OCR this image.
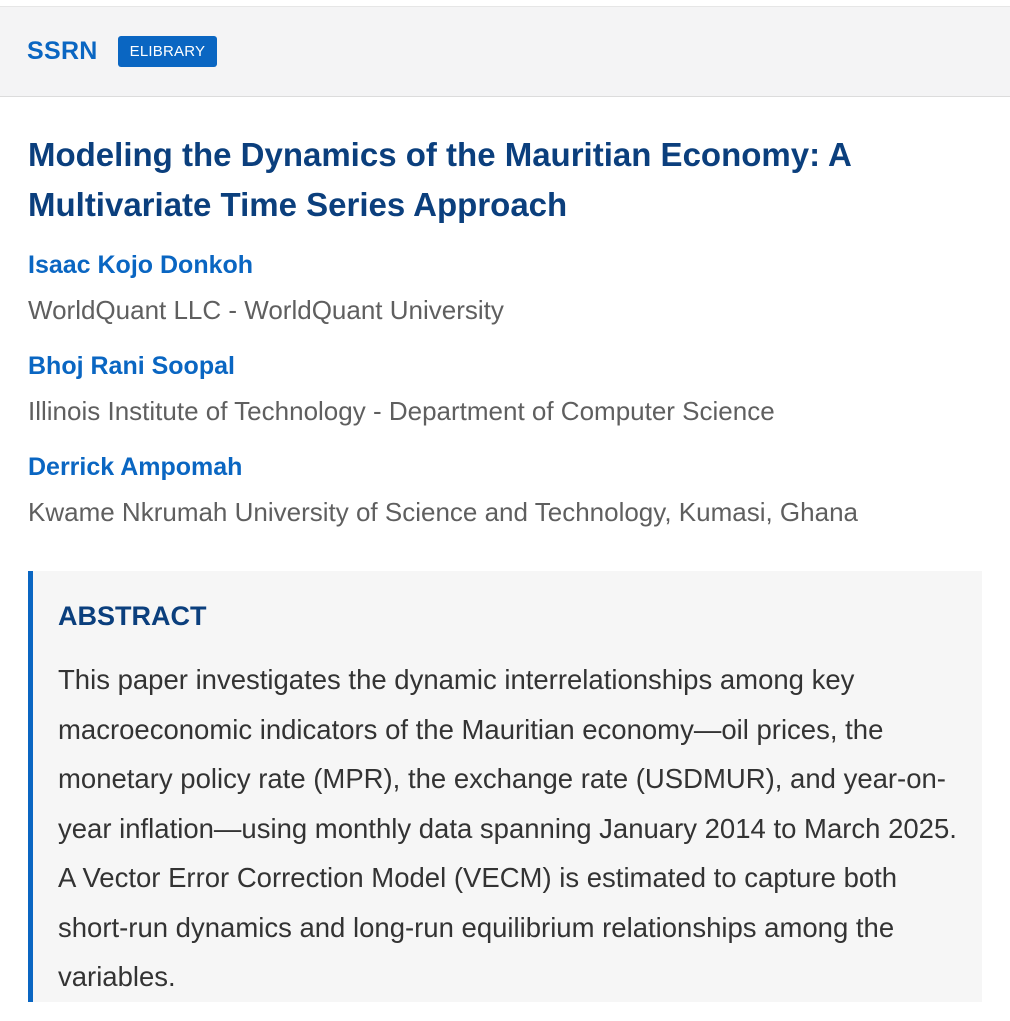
SSRN	ELIBRARY
Modeling the Dynamics of the Mauritian Economy: A Multivariate Time Series Approach

Isaac Kojo Donkoh

WorldQuant LLC - WorldQuant University

Bhoj Rani Soopal

Illinois Institute of Technology - Department of Computer Science

Derrick Ampomah

Kwame Nkrumah University of Science and Technology, Kumasi, Ghana

ABSTRACT

This paper investigates the dynamic interrelationships among key macroeconomic indicators of the Mauritian economy—oil prices, the monetary policy rate (MPR), the exchange rate (USDMUR), and year-on-year inflation—using monthly data spanning January 2014 to March 2025. A Vector Error Correction Model (VECM) is estimated to capture both short-run dynamics and long-run equilibrium relationships among the variables.
